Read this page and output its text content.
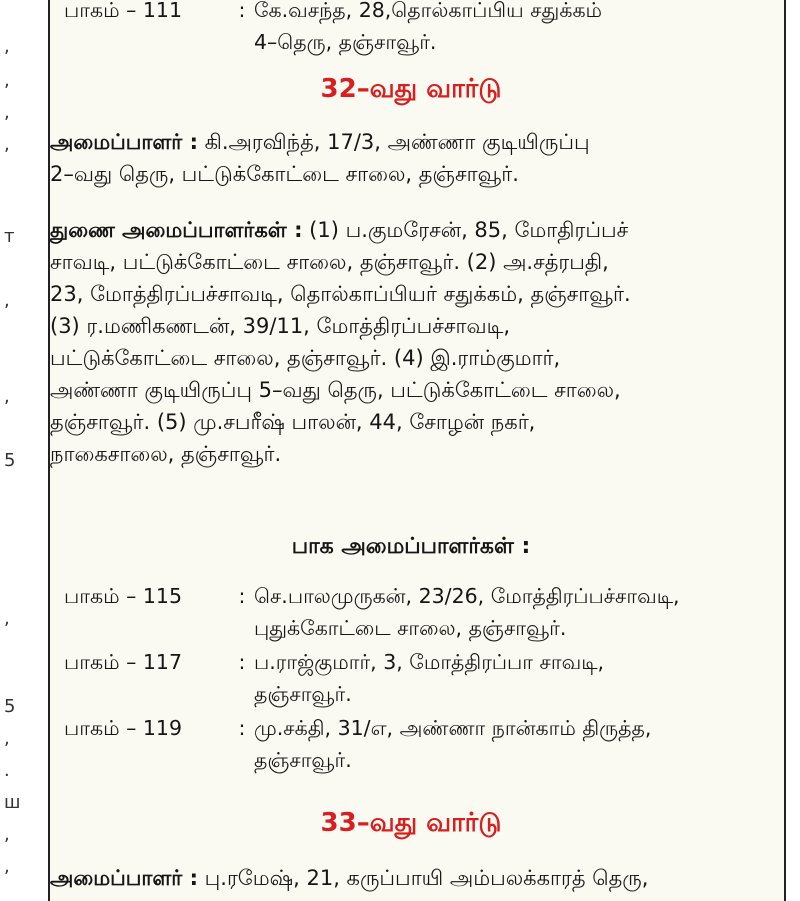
,
,
,
,
т
,
,
5
,
5
,
.
ш
,
,
பாகம் – 111	: கே.வசந்த, 28,தொல்காப்பிய சதுக்கம்
4–தெரு, தஞ்சாவூர்.
32–வது வார்டு
அமைப்பாளர் : கி.அரவிந்த், 17/3, அண்ணா குடியிருப்பு
2–வது தெரு, பட்டுக்கோட்டை சாலை, தஞ்சாவூர்.
துணை அமைப்பாளர்கள் : (1) ப.குமரேசன், 85, மோதிரப்பச்
சாவடி, பட்டுக்கோட்டை சாலை, தஞ்சாவூர். (2) அ.சத்ரபதி,
23, மோத்திரப்பச்சாவடி, தொல்காப்பியர் சதுக்கம், தஞ்சாவூர்.
(3) ர.மணிகணடன், 39/11, மோத்திரப்பச்சாவடி,
பட்டுக்கோட்டை சாலை, தஞ்சாவூர். (4) இ.ராம்குமார்,
அண்ணா குடியிருப்பு 5–வது தெரு, பட்டுக்கோட்டை சாலை,
தஞ்சாவூர். (5) மு.சபரீஷ் பாலன், 44, சோழன் நகர்,
நாகைசாலை, தஞ்சாவூர்.
பாக அமைப்பாளர்கள் :
பாகம் – 115	: செ.பாலமுருகன், 23/26, மோத்திரப்பச்சாவடி,
புதுக்கோட்டை சாலை, தஞ்சாவூர்.
பாகம் – 117	: ப.ராஜ்குமார், 3, மோத்திரப்பா சாவடி,
தஞ்சாவூர்.
பாகம் – 119	: மு.சக்தி, 31/எ, அண்ணா நான்காம் திருத்த,
தஞ்சாவூர்.
33–வது வார்டு
அமைப்பாளர் : பு.ரமேஷ், 21, கருப்பாயி அம்பலக்காரத் தெரு,
